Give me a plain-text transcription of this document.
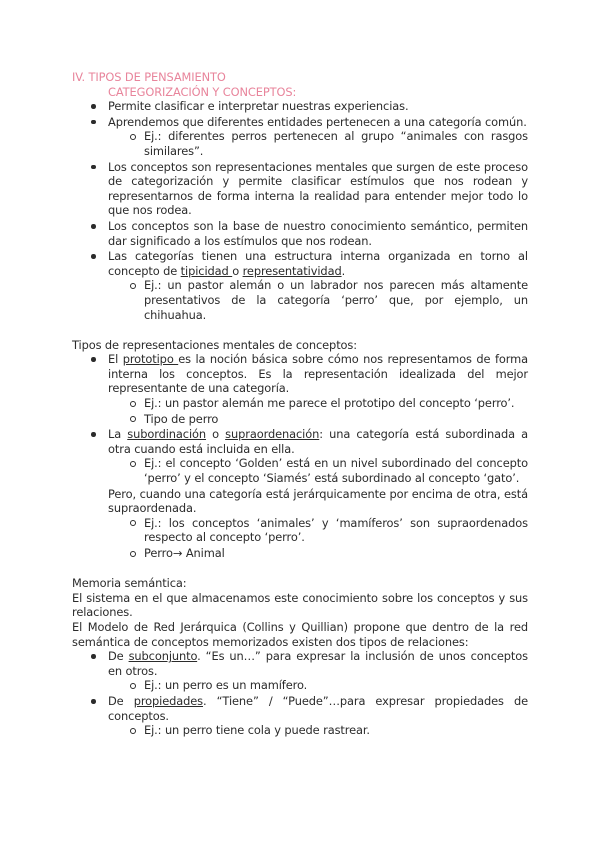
IV. TIPOS DE PENSAMIENTO
CATEGORIZACIÓN Y CONCEPTOS:
Permite clasificar e interpretar nuestras experiencias.
Aprendemos que diferentes entidades pertenecen a una categoría común.
Ej.: diferentes perros pertenecen al grupo “animales con rasgos similares”.
Los conceptos son representaciones mentales que surgen de este proceso de categorización y permite clasificar estímulos que nos rodean y representarnos de forma interna la realidad para entender mejor todo lo que nos rodea.
Los conceptos son la base de nuestro conocimiento semántico, permiten dar significado a los estímulos que nos rodean.
Las categorías tienen una estructura interna organizada en torno al concepto de tipicidad o representatividad.
Ej.: un pastor alemán o un labrador nos parecen más altamente presentativos de la categoría ‘perro’ que, por ejemplo, un chihuahua.

Tipos de representaciones mentales de conceptos:

El prototipo es la noción básica sobre cómo nos representamos de forma interna los conceptos. Es la representación idealizada del mejor representante de una categoría.
Ej.: un pastor alemán me parece el prototipo del concepto ‘perro’.
Tipo de perro
La subordinación o supraordenación: una categoría está subordinada a otra cuando está incluida en ella.
Ej.: el concepto ‘Golden’ está en un nivel subordinado del concepto ‘perro’ y el concepto ‘Siamés’ está subordinado al concepto ‘gato’.

Pero, cuando una categoría está jerárquicamente por encima de otra, está supraordenada.

Ej.: los conceptos ‘animales’ y ‘mamíferos’ son supraordenados respecto al concepto ‘perro’.
Perro→ Animal

Memoria semántica:

El sistema en el que almacenamos este conocimiento sobre los conceptos y sus relaciones.

El Modelo de Red Jerárquica (Collins y Quillian) propone que dentro de la red semántica de conceptos memorizados existen dos tipos de relaciones:

De subconjunto. “Es un…” para expresar la inclusión de unos conceptos en otros.
Ej.: un perro es un mamífero.
De propiedades. “Tiene” / “Puede”…para expresar propiedades de conceptos.
Ej.: un perro tiene cola y puede rastrear.
